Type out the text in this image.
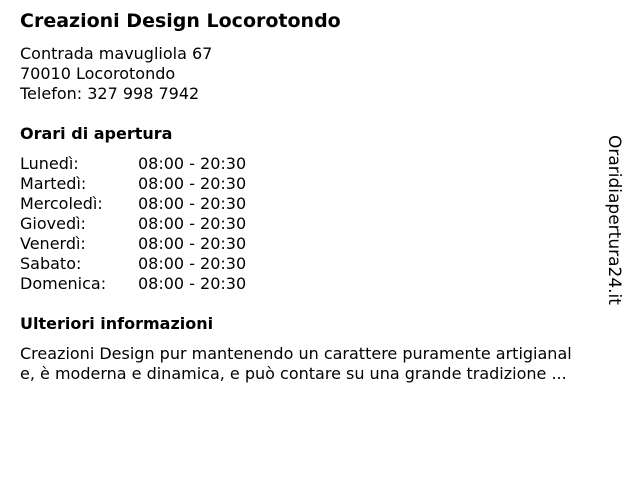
Creazioni Design Locorotondo
Contrada mavugliola 67
70010 Locorotondo
Telefon: 327 998 7942
Orari di apertura
Lunedì:	08:00 - 20:30
Martedì:	08:00 - 20:30
Mercoledì: 08:00 - 20:30
Giovedì:	08:00 - 20:30
Venerdì:	08:00 - 20:30
Sabato:	08:00 - 20:30
Domenica: 08:00 - 20:30
Ulteriori informazioni
Creazioni Design pur mantenendo un carattere puramente artigianal
e, è moderna e dinamica, e può contare su una grande tradizione ...
Oraridiapertura24.it
